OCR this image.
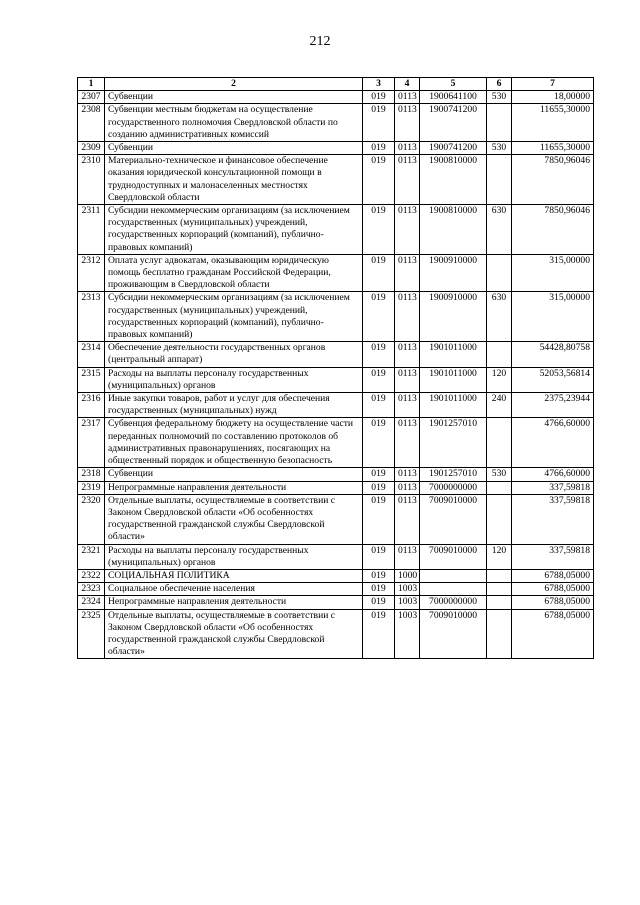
212
1	2	3	4	5	6	7
2307	Субвенции	019	0113	1900641100	530	18,00000
2308	Субвенции местным бюджетам на осуществление государственного полномочия Свердловской области по созданию административных комиссий	019	0113	1900741200		11655,30000
2309	Субвенции	019	0113	1900741200	530	11655,30000
2310	Материально-техническое и финансовое обеспечение оказания юридической консультационной помощи в труднодоступных и малонаселенных местностях Свердловской области	019	0113	1900810000		7850,96046
2311	Субсидии некоммерческим организациям (за исключением государственных (муниципальных) учреждений, государственных корпораций (компаний), публично-правовых компаний)	019	0113	1900810000	630	7850,96046
2312	Оплата услуг адвокатам, оказывающим юридическую помощь бесплатно гражданам Российской Федерации, проживающим в Свердловской области	019	0113	1900910000		315,00000
2313	Субсидии некоммерческим организациям (за исключением государственных (муниципальных) учреждений, государственных корпораций (компаний), публично-правовых компаний)	019	0113	1900910000	630	315,00000
2314	Обеспечение деятельности государственных органов (центральный аппарат)	019	0113	1901011000		54428,80758
2315	Расходы на выплаты персоналу государственных (муниципальных) органов	019	0113	1901011000	120	52053,56814
2316	Иные закупки товаров, работ и услуг для обеспечения государственных (муниципальных) нужд	019	0113	1901011000	240	2375,23944
2317	Субвенция федеральному бюджету на осуществление части переданных полномочий по составлению протоколов об административных правонарушениях, посягающих на общественный порядок и общественную безопасность	019	0113	1901257010		4766,60000
2318	Субвенции	019	0113	1901257010	530	4766,60000
2319	Непрограммные направления деятельности	019	0113	7000000000		337,59818
2320	Отдельные выплаты, осуществляемые в соответствии с Законом Свердловской области «Об особенностях государственной гражданской службы Свердловской области»	019	0113	7009010000		337,59818
2321	Расходы на выплаты персоналу государственных (муниципальных) органов	019	0113	7009010000	120	337,59818
2322	СОЦИАЛЬНАЯ ПОЛИТИКА	019	1000			6788,05000
2323	Социальное обеспечение населения	019	1003			6788,05000
2324	Непрограммные направления деятельности	019	1003	7000000000		6788,05000
2325	Отдельные выплаты, осуществляемые в соответствии с Законом Свердловской области «Об особенностях государственной гражданской службы Свердловской области»	019	1003	7009010000		6788,05000
